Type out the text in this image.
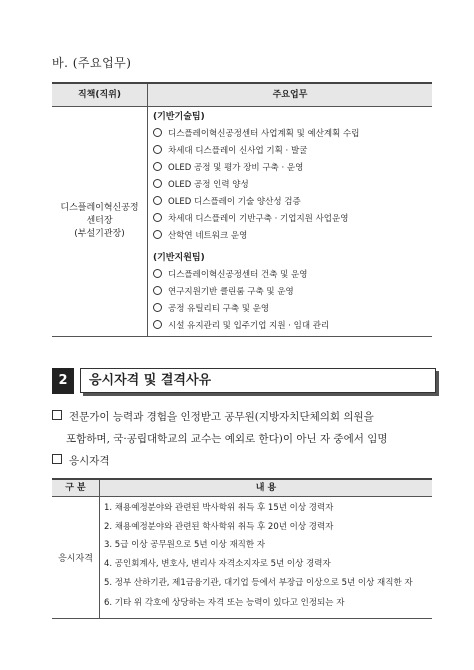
바. (주요업무)
직책(직위)	주요업무
디스플레이혁신공정
센터장
(부설기관장)
(기반기술팀)
디스플레이혁신공정센터 사업계획 및 예산계획 수립
차세대 디스플레이 신사업 기획 · 발굴
OLED 공정 및 평가 장비 구축 · 운영
OLED 공정 인력 양성
OLED 디스플레이 기술 양산성 검증
차세대 디스플레이 기반구축 · 기업지원 사업운영
산학연 네트워크 운영
(기반지원팀)
디스플레이혁신공정센터 건축 및 운영
연구지원기반 클린룸 구축 및 운영
공정 유틸리티 구축 및 운영
시설 유지관리 및 입주기업 지원 · 임대 관리
2	응시자격 및 결격사유
전문가이 능력과 경험을 인정받고 공무원(지방자치단체의회 의원을
포함하며, 국·공립대학교의 교수는 예외로 한다)이 아닌 자 중에서 임명
응시자격
구 분	내 용
응시자격
1. 채용예정분야와 관련된 박사학위 취득 후 15년 이상 경력자
2. 채용예정분야와 관련된 학사학위 취득 후 20년 이상 경력자
3. 5급 이상 공무원으로 5년 이상 재직한 자
4. 공인회계사, 변호사, 변리사 자격소지자로 5년 이상 경력자
5. 정부 산하기관, 제1금융기관, 대기업 등에서 부장급 이상으로 5년 이상 재직한 자
6. 기타 위 각호에 상당하는 자격 또는 능력이 있다고 인정되는 자
